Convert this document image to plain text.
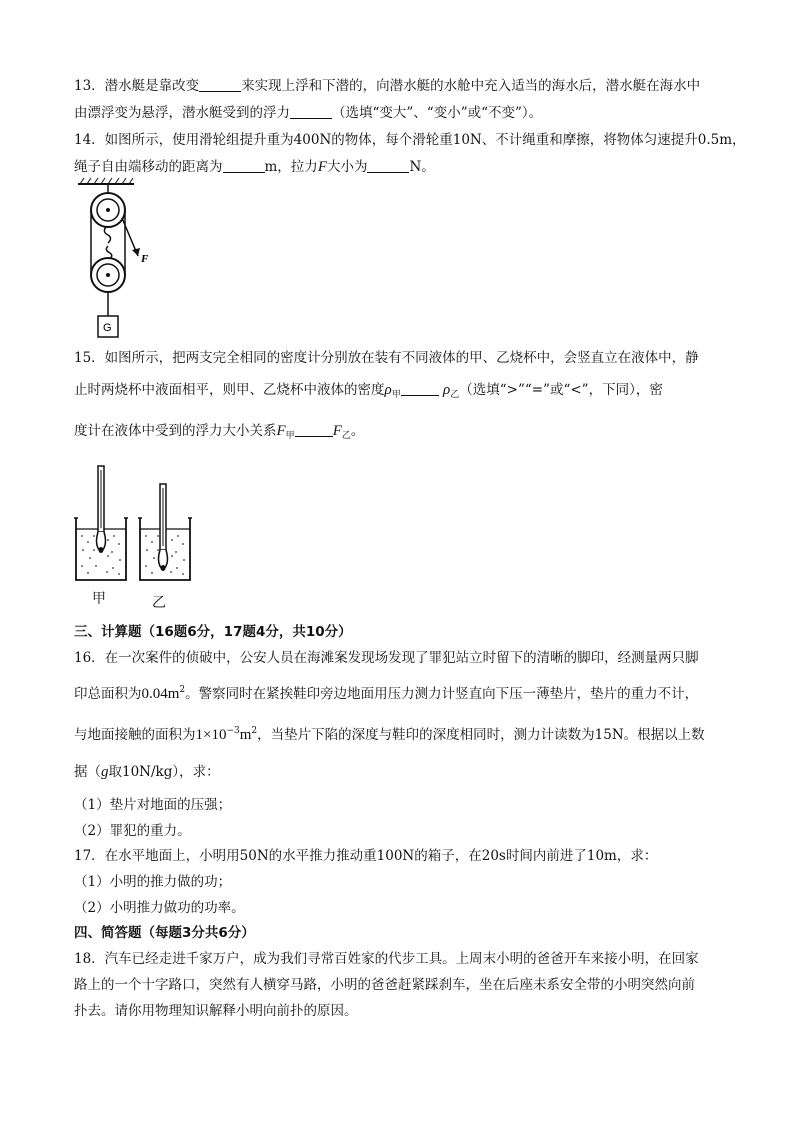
13．潜水艇是靠改变	来实现上浮和下潜的，向潜水艇的水舱中充入适当的海水后，潜水艇在海水中
由漂浮变为悬浮，潜水艇受到的浮力	（选填“变大”、“变小”或“不变”）。
14．如图所示，使用滑轮组提升重为400N的物体，每个滑轮重10N、不计绳重和摩擦，将物体匀速提升0.5m，
绳子自由端移动的距离为	m，拉力F大小为	N。
F
G
15．如图所示，把两支完全相同的密度计分别放在装有不同液体的甲、乙烧杯中，会竖直立在液体中，静
止时两烧杯中液面相平，则甲、乙烧杯中液体的密度$\rho_甲$	$\rho_乙$（选填“>”“=”或“<”，下同），密
度计在液体中受到的浮力大小关系$F_甲$	$F_乙$。
甲	乙
三、计算题（16题6分，17题4分，共10分）
16．在一次案件的侦破中，公安人员在海滩案发现场发现了罪犯站立时留下的清晰的脚印，经测量两只脚
印总面积为$0.04m^2$。警察同时在紧挨鞋印旁边地面用压力测力计竖直向下压一薄垫片，垫片的重力不计，
与地面接触的面积为$1\times 10^{-3}m^2$，当垫片下陷的深度与鞋印的深度相同时，测力计读数为15N。根据以上数
据（g取10N/kg），求：
（1）垫片对地面的压强；
（2）罪犯的重力。
17．在水平地面上，小明用50N的水平推力推动重100N的箱子，在20s时间内前进了10m，求：
（1）小明的推力做的功；
（2）小明推力做功的功率。
四、简答题（每题3分共6分）
18．汽车已经走进千家万户，成为我们寻常百姓家的代步工具。上周末小明的爸爸开车来接小明，在回家
路上的一个十字路口，突然有人横穿马路，小明的爸爸赶紧踩刹车，坐在后座未系安全带的小明突然向前
扑去。请你用物理知识解释小明向前扑的原因。
